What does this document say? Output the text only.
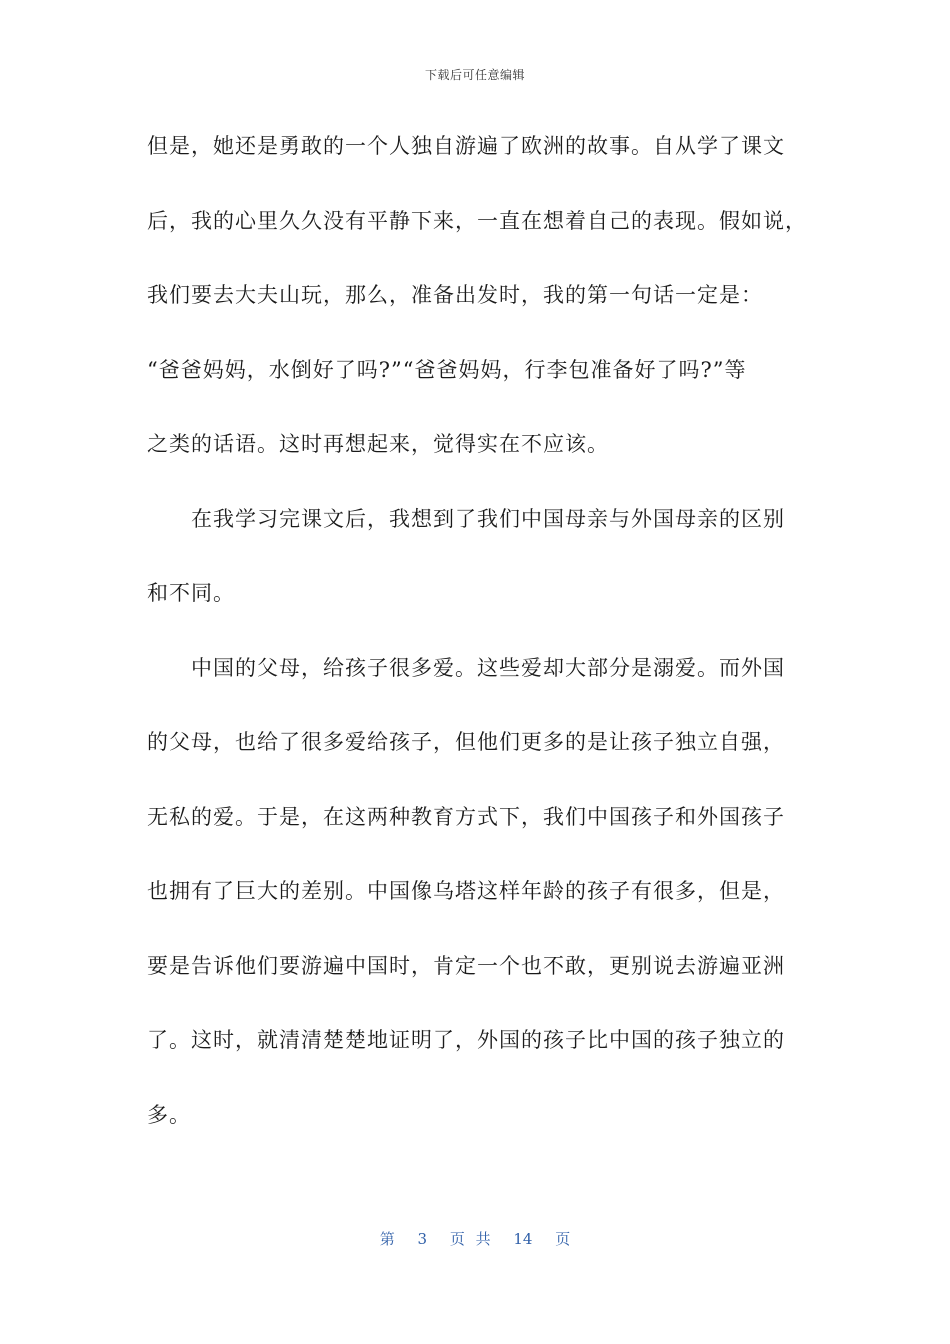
下载后可任意编辑
但是，她还是勇敢的一个人独自游遍了欧洲的故事。自从学了课文
后，我的心里久久没有平静下来，一直在想着自己的表现。假如说，
我们要去大夫山玩，那么，准备出发时，我的第一句话一定是：
“爸爸妈妈，水倒好了吗?”“爸爸妈妈，行李包准备好了吗?”等
之类的话语。这时再想起来，觉得实在不应该。
在我学习完课文后，我想到了我们中国母亲与外国母亲的区别
和不同。
中国的父母，给孩子很多爱。这些爱却大部分是溺爱。而外国
的父母，也给了很多爱给孩子，但他们更多的是让孩子独立自强，
无私的爱。于是，在这两种教育方式下，我们中国孩子和外国孩子
也拥有了巨大的差别。中国像乌塔这样年龄的孩子有很多，但是，
要是告诉他们要游遍中国时，肯定一个也不敢，更别说去游遍亚洲
了。这时，就清清楚楚地证明了，外国的孩子比中国的孩子独立的
多。
第 3 页 共 14 页
